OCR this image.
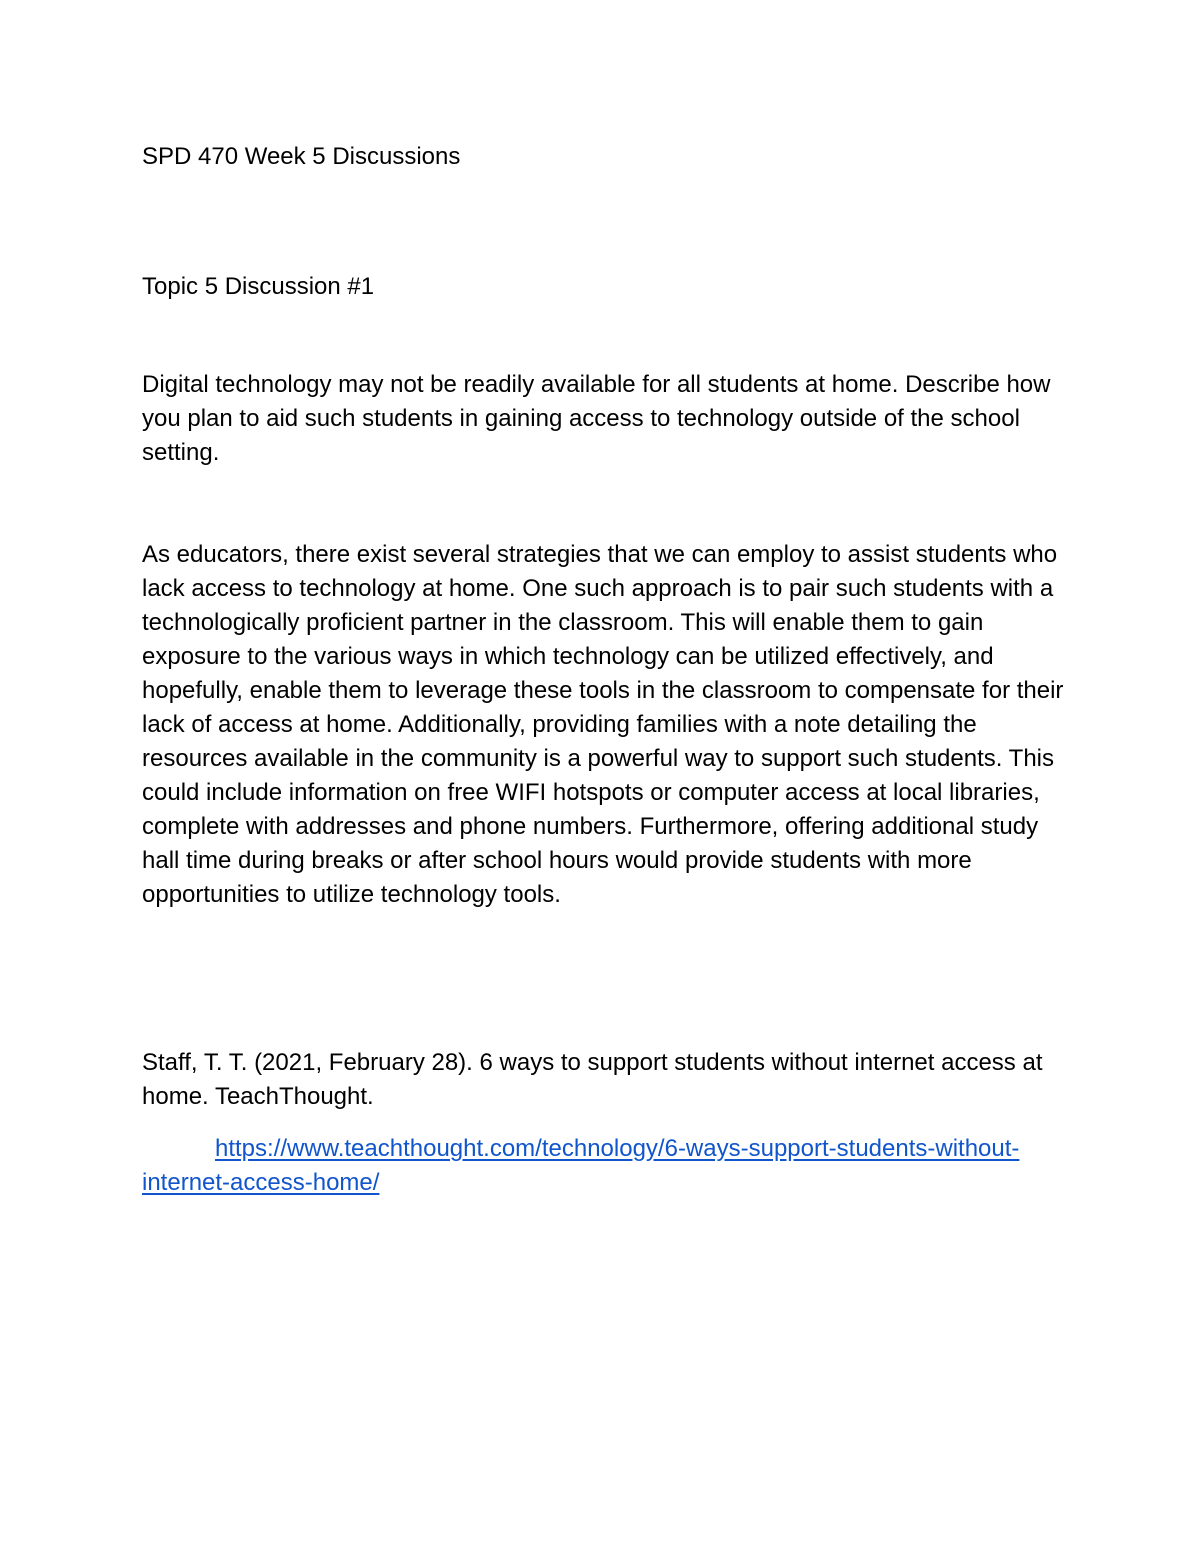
SPD 470 Week 5 Discussions

Topic 5 Discussion #1

Digital technology may not be readily available for all students at home. Describe how you plan to aid such students in gaining access to technology outside of the school setting.

As educators, there exist several strategies that we can employ to assist students who lack access to technology at home. One such approach is to pair such students with a technologically proficient partner in the classroom. This will enable them to gain exposure to the various ways in which technology can be utilized effectively, and hopefully, enable them to leverage these tools in the classroom to compensate for their lack of access at home. Additionally, providing families with a note detailing the resources available in the community is a powerful way to support such students. This could include information on free WIFI hotspots or computer access at local libraries, complete with addresses and phone numbers. Furthermore, offering additional study hall time during breaks or after school hours would provide students with more opportunities to utilize technology tools.

Staff, T. T. (2021, February 28). 6 ways to support students without internet access at home. TeachThought.

https://www.teachthought.com/technology/6-ways-support-students-without-internet-access-home/
